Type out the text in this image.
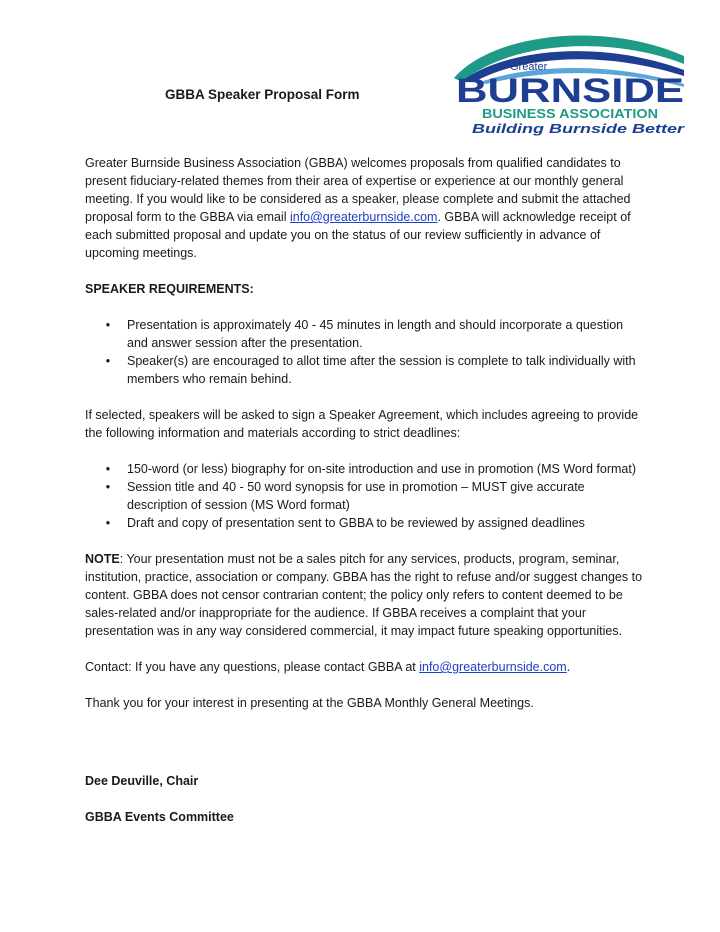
GBBA Speaker Proposal Form
Greater
BURNSIDE
BUSINESS ASSOCIATION
Building Burnside Better

Greater Burnside Business Association (GBBA) welcomes proposals from qualified candidates to present fiduciary-related themes from their area of expertise or experience at our monthly general meeting. If you would like to be considered as a speaker, please complete and submit the attached proposal form to the GBBA via email info@greaterburnside.com. GBBA will acknowledge receipt of each submitted proposal and update you on the status of our review sufficiently in advance of upcoming meetings.

SPEAKER REQUIREMENTS:

• Presentation is approximately 40 - 45 minutes in length and should incorporate a question and answer session after the presentation.
• Speaker(s) are encouraged to allot time after the session is complete to talk individually with members who remain behind.

If selected, speakers will be asked to sign a Speaker Agreement, which includes agreeing to provide the following information and materials according to strict deadlines:

• 150-word (or less) biography for on-site introduction and use in promotion (MS Word format)
• Session title and 40 - 50 word synopsis for use in promotion – MUST give accurate description of session (MS Word format)
• Draft and copy of presentation sent to GBBA to be reviewed by assigned deadlines

NOTE: Your presentation must not be a sales pitch for any services, products, program, seminar, institution, practice, association or company. GBBA has the right to refuse and/or suggest changes to content. GBBA does not censor contrarian content; the policy only refers to content deemed to be sales-related and/or inappropriate for the audience. If GBBA receives a complaint that your presentation was in any way considered commercial, it may impact future speaking opportunities.

Contact: If you have any questions, please contact GBBA at info@greaterburnside.com.

Thank you for your interest in presenting at the GBBA Monthly General Meetings.

Dee Deuville, Chair

GBBA Events Committee
